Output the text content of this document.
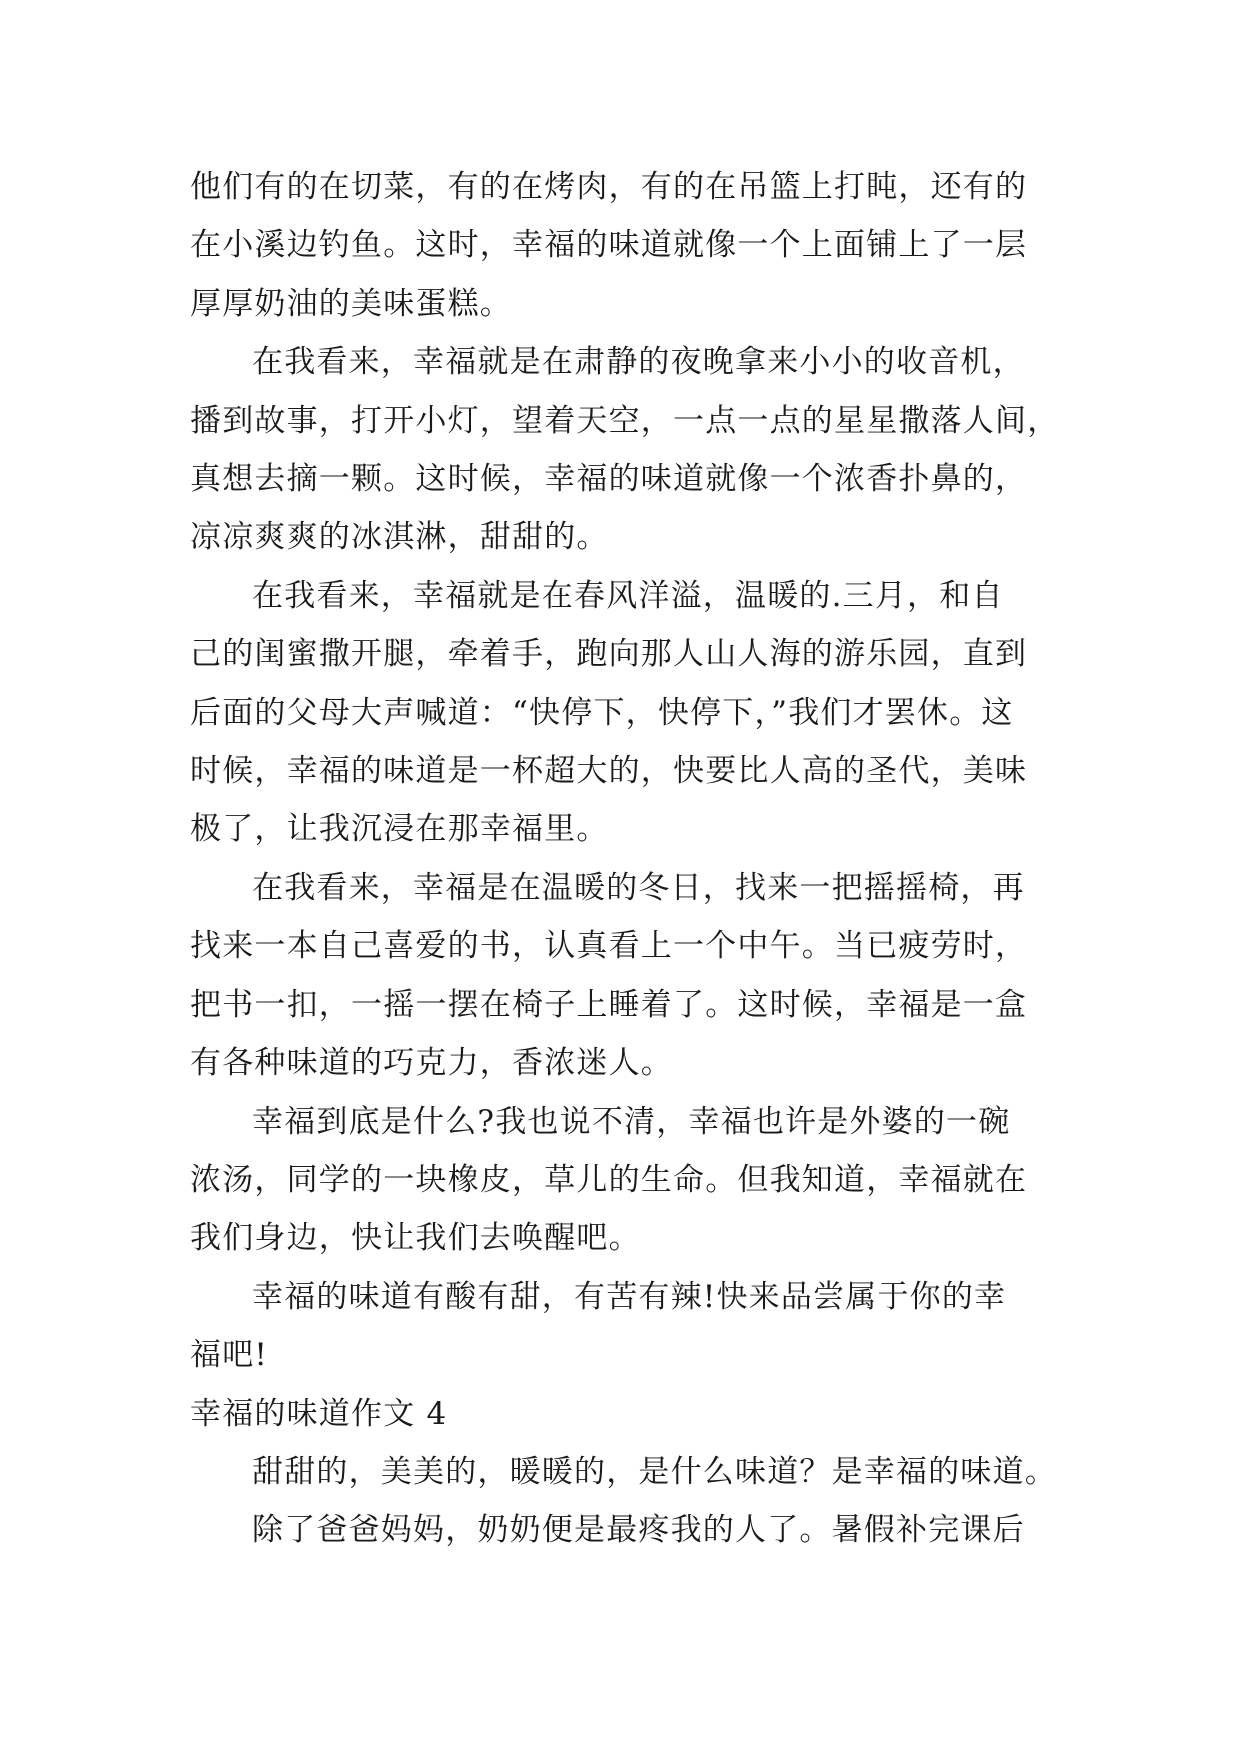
他们有的在切菜，有的在烤肉，有的在吊篮上打盹，还有的
在小溪边钓鱼。这时，幸福的味道就像一个上面铺上了一层
厚厚奶油的美味蛋糕。
在我看来，幸福就是在肃静的夜晚拿来小小的收音机，
播到故事，打开小灯，望着天空，一点一点的星星撒落人间，
真想去摘一颗。这时候，幸福的味道就像一个浓香扑鼻的，
凉凉爽爽的冰淇淋，甜甜的。
在我看来，幸福就是在春风洋溢，温暖的.三月，和自
己的闺蜜撒开腿，牵着手，跑向那人山人海的游乐园，直到
后面的父母大声喊道：“快停下，快停下，”我们才罢休。这
时候，幸福的味道是一杯超大的，快要比人高的圣代，美味
极了，让我沉浸在那幸福里。
在我看来，幸福是在温暖的冬日，找来一把摇摇椅，再
找来一本自己喜爱的书，认真看上一个中午。当已疲劳时，
把书一扣，一摇一摆在椅子上睡着了。这时候，幸福是一盒
有各种味道的巧克力，香浓迷人。
幸福到底是什么?我也说不清，幸福也许是外婆的一碗
浓汤，同学的一块橡皮，草儿的生命。但我知道，幸福就在
我们身边，快让我们去唤醒吧。
幸福的味道有酸有甜，有苦有辣!快来品尝属于你的幸
福吧!
幸福的味道作文 4
甜甜的，美美的，暖暖的，是什么味道？是幸福的味道。
除了爸爸妈妈，奶奶便是最疼我的人了。暑假补完课后
